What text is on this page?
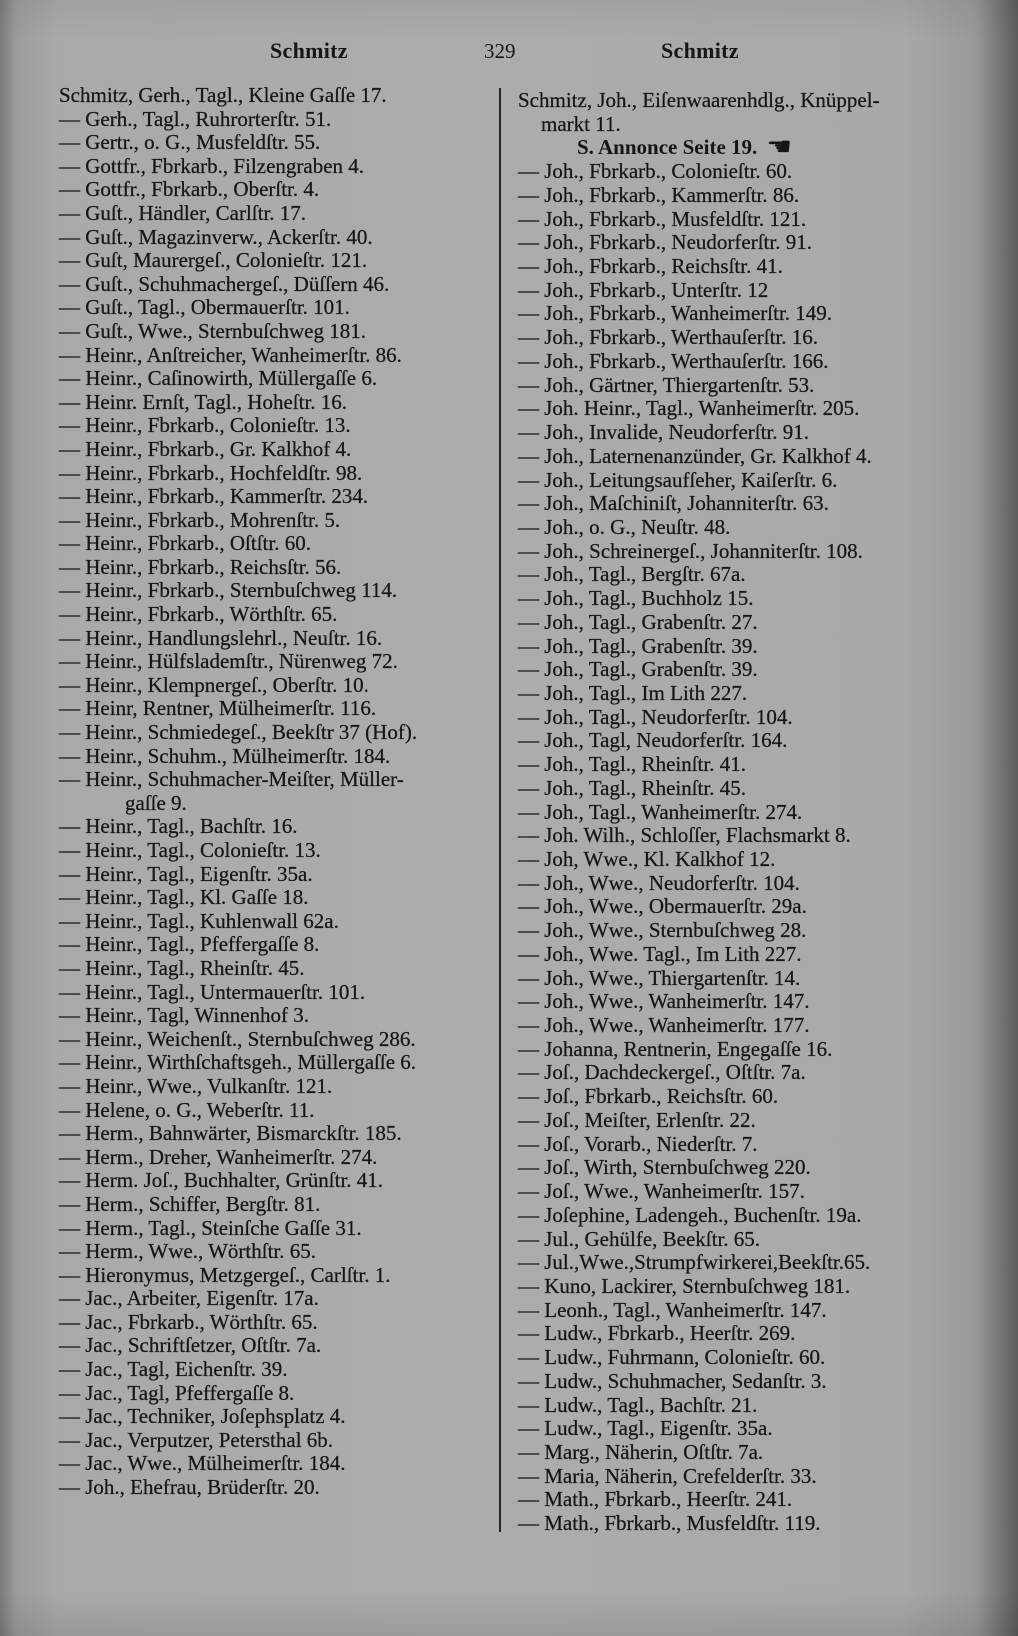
Schmitz	329	Schmitz
Schmitz, Gerh., Tagl., Kleine Gaſſe 17.
— Gerh., Tagl., Ruhrorterſtr. 51.
— Gertr., o. G., Musfeldſtr. 55.
— Gottfr., Fbrkarb., Filzengraben 4.
— Gottfr., Fbrkarb., Oberſtr. 4.
— Guſt., Händler, Carlſtr. 17.
— Guſt., Magazinverw., Ackerſtr. 40.
— Guſt, Maurergeſ., Colonieſtr. 121.
— Guſt., Schuhmachergeſ., Düſſern 46.
— Guſt., Tagl., Obermauerſtr. 101.
— Guſt., Wwe., Sternbuſchweg 181.
— Heinr., Anſtreicher, Wanheimerſtr. 86.
— Heinr., Caſinowirth, Müllergaſſe 6.
— Heinr. Ernſt, Tagl., Hoheſtr. 16.
— Heinr., Fbrkarb., Colonieſtr. 13.
— Heinr., Fbrkarb., Gr. Kalkhof 4.
— Heinr., Fbrkarb., Hochfeldſtr. 98.
— Heinr., Fbrkarb., Kammerſtr. 234.
— Heinr., Fbrkarb., Mohrenſtr. 5.
— Heinr., Fbrkarb., Oſtſtr. 60.
— Heinr., Fbrkarb., Reichsſtr. 56.
— Heinr., Fbrkarb., Sternbuſchweg 114.
— Heinr., Fbrkarb., Wörthſtr. 65.
— Heinr., Handlungslehrl., Neuſtr. 16.
— Heinr., Hülfslademſtr., Nürenweg 72.
— Heinr., Klempnergeſ., Oberſtr. 10.
— Heinr, Rentner, Mülheimerſtr. 116.
— Heinr., Schmiedegeſ., Beekſtr 37 (Hof).
— Heinr., Schuhm., Mülheimerſtr. 184.
— Heinr., Schuhmacher-Meiſter, Müller-
gaſſe 9.
— Heinr., Tagl., Bachſtr. 16.
— Heinr., Tagl., Colonieſtr. 13.
— Heinr., Tagl., Eigenſtr. 35a.
— Heinr., Tagl., Kl. Gaſſe 18.
— Heinr., Tagl., Kuhlenwall 62a.
— Heinr., Tagl., Pfeffergaſſe 8.
— Heinr., Tagl., Rheinſtr. 45.
— Heinr., Tagl., Untermauerſtr. 101.
— Heinr., Tagl, Winnenhof 3.
— Heinr., Weichenſt., Sternbuſchweg 286.
— Heinr., Wirthſchaftsgeh., Müllergaſſe 6.
— Heinr., Wwe., Vulkanſtr. 121.
— Helene, o. G., Weberſtr. 11.
— Herm., Bahnwärter, Bismarckſtr. 185.
— Herm., Dreher, Wanheimerſtr. 274.
— Herm. Joſ., Buchhalter, Grünſtr. 41.
— Herm., Schiffer, Bergſtr. 81.
— Herm., Tagl., Steinſche Gaſſe 31.
— Herm., Wwe., Wörthſtr. 65.
— Hieronymus, Metzgergeſ., Carlſtr. 1.
— Jac., Arbeiter, Eigenſtr. 17a.
— Jac., Fbrkarb., Wörthſtr. 65.
— Jac., Schriftſetzer, Oſtſtr. 7a.
— Jac., Tagl, Eichenſtr. 39.
— Jac., Tagl, Pfeffergaſſe 8.
— Jac., Techniker, Joſephsplatz 4.
— Jac., Verputzer, Petersthal 6b.
— Jac., Wwe., Mülheimerſtr. 184.
— Joh., Ehefrau, Brüderſtr. 20.
Schmitz, Joh., Eiſenwaarenhdlg., Knüppel-
markt 11.
S. Annonce Seite 19. ☚
— Joh., Fbrkarb., Colonieſtr. 60.
— Joh., Fbrkarb., Kammerſtr. 86.
— Joh., Fbrkarb., Musfeldſtr. 121.
— Joh., Fbrkarb., Neudorferſtr. 91.
— Joh., Fbrkarb., Reichsſtr. 41.
— Joh., Fbrkarb., Unterſtr. 12
— Joh., Fbrkarb., Wanheimerſtr. 149.
— Joh., Fbrkarb., Werthauſerſtr. 16.
— Joh., Fbrkarb., Werthauſerſtr. 166.
— Joh., Gärtner, Thiergartenſtr. 53.
— Joh. Heinr., Tagl., Wanheimerſtr. 205.
— Joh., Invalide, Neudorferſtr. 91.
— Joh., Laternenanzünder, Gr. Kalkhof 4.
— Joh., Leitungsaufſeher, Kaiſerſtr. 6.
— Joh., Maſchiniſt, Johanniterſtr. 63.
— Joh., o. G., Neuſtr. 48.
— Joh., Schreinergeſ., Johanniterſtr. 108.
— Joh., Tagl., Bergſtr. 67a.
— Joh., Tagl., Buchholz 15.
— Joh., Tagl., Grabenſtr. 27.
— Joh., Tagl., Grabenſtr. 39.
— Joh., Tagl., Grabenſtr. 39.
— Joh., Tagl., Im Lith 227.
— Joh., Tagl., Neudorferſtr. 104.
— Joh., Tagl, Neudorferſtr. 164.
— Joh., Tagl., Rheinſtr. 41.
— Joh., Tagl., Rheinſtr. 45.
— Joh., Tagl., Wanheimerſtr. 274.
— Joh. Wilh., Schloſſer, Flachsmarkt 8.
— Joh, Wwe., Kl. Kalkhof 12.
— Joh., Wwe., Neudorferſtr. 104.
— Joh., Wwe., Obermauerſtr. 29a.
— Joh., Wwe., Sternbuſchweg 28.
— Joh., Wwe. Tagl., Im Lith 227.
— Joh., Wwe., Thiergartenſtr. 14.
— Joh., Wwe., Wanheimerſtr. 147.
— Joh., Wwe., Wanheimerſtr. 177.
— Johanna, Rentnerin, Engegaſſe 16.
— Joſ., Dachdeckergeſ., Oſtſtr. 7a.
— Joſ., Fbrkarb., Reichsſtr. 60.
— Joſ., Meiſter, Erlenſtr. 22.
— Joſ., Vorarb., Niederſtr. 7.
— Joſ., Wirth, Sternbuſchweg 220.
— Joſ., Wwe., Wanheimerſtr. 157.
— Joſephine, Ladengeh., Buchenſtr. 19a.
— Jul., Gehülfe, Beekſtr. 65.
— Jul.,Wwe.,Strumpfwirkerei,Beekſtr.65.
— Kuno, Lackirer, Sternbuſchweg 181.
— Leonh., Tagl., Wanheimerſtr. 147.
— Ludw., Fbrkarb., Heerſtr. 269.
— Ludw., Fuhrmann, Colonieſtr. 60.
— Ludw., Schuhmacher, Sedanſtr. 3.
— Ludw., Tagl., Bachſtr. 21.
— Ludw., Tagl., Eigenſtr. 35a.
— Marg., Näherin, Oſtſtr. 7a.
— Maria, Näherin, Crefelderſtr. 33.
— Math., Fbrkarb., Heerſtr. 241.
— Math., Fbrkarb., Musfeldſtr. 119.
